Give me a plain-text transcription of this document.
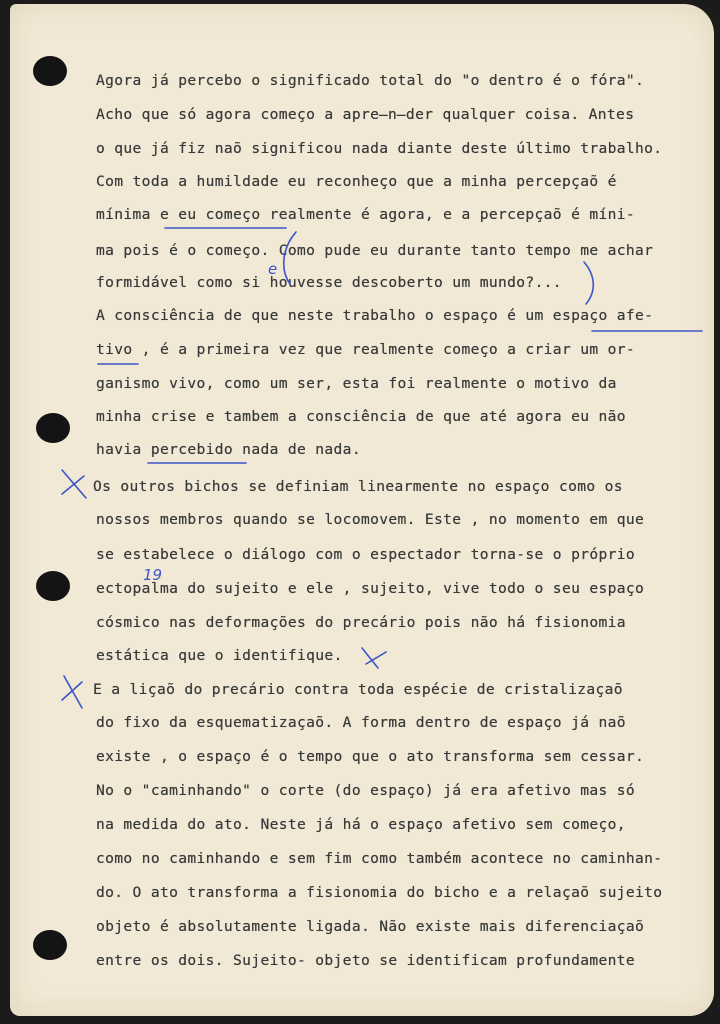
Agora já percebo o significado total do "o dentro é o fóra".
Acho que só agora começo a apre̶n̶der qualquer coisa. Antes
o que já fiz naõ significou nada diante deste último trabalho.
Com toda a humildade eu reconheço que a minha percepçaõ é
mínima e eu começo realmente é agora, e a percepçaõ é míni-
ma pois é o começo. Como pude eu durante tanto tempo me achar
formidável como si houvesse descoberto um mundo?...
A consciência de que neste trabalho o espaço é um espaço afe-
tivo , é a primeira vez que realmente começo a criar um or-
ganismo vivo, como um ser, esta foi realmente o motivo da
minha crise e tambem a consciência de que até agora eu não
havia percebido nada de nada.
Os outros bichos se definiam linearmente no espaço como os
nossos membros quando se locomovem. Este , no momento em que
se estabelece o diálogo com o espectador torna-se o próprio
ectopalma do sujeito e ele , sujeito, vive todo o seu espaço
cósmico nas deformações do precário pois não há fisionomia
estática que o identifique.
E a liçaõ do precário contra toda espécie de cristalizaçaõ
do fixo da esquematizaçaõ. A forma dentro de espaço já naõ
existe , o espaço é o tempo que o ato transforma sem cessar.
No o "caminhando" o corte (do espaço) já era afetivo mas só
na medida do ato. Neste já há o espaço afetivo sem começo,
como no caminhando e sem fim como também acontece no caminhan-
do. O ato transforma a fisionomia do bicho e a relaçaõ sujeito
objeto é absolutamente ligada. Não existe mais diferenciaçaõ
entre os dois. Sujeito- objeto se identificam profundamente
e
19
